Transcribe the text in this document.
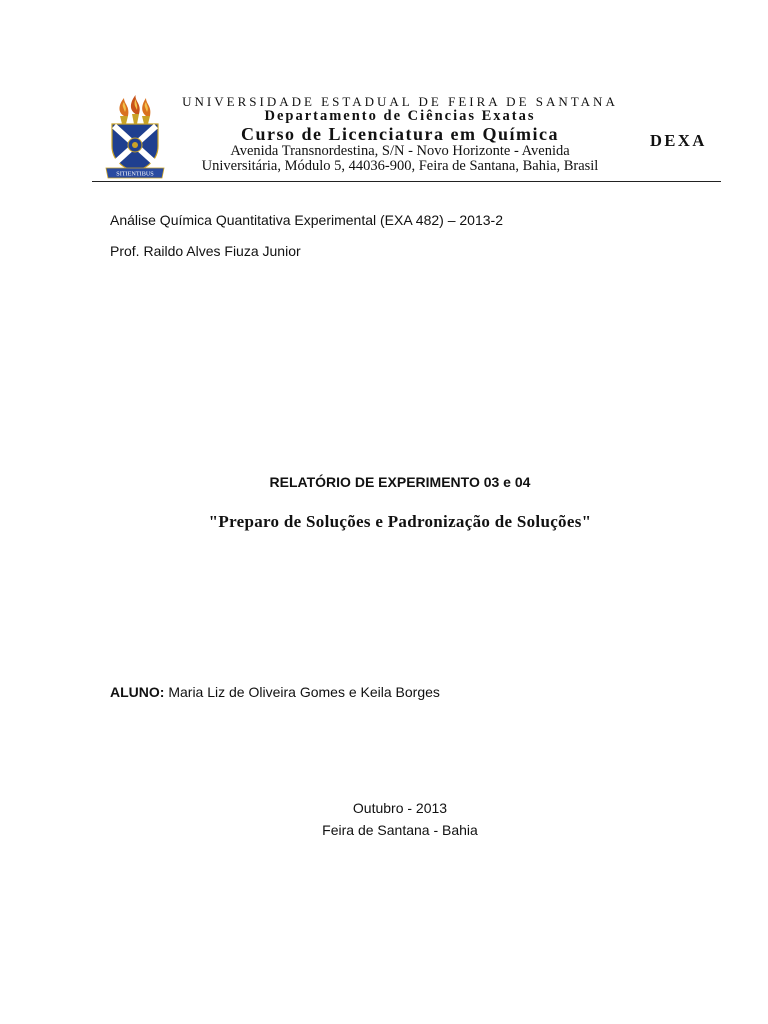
SITIENTIBUS
UNIVERSIDADE ESTADUAL DE FEIRA DE SANTANA
Departamento de Ciências Exatas
Curso de Licenciatura em Química
Avenida Transnordestina, S/N - Novo Horizonte - Avenida
Universitária, Módulo 5, 44036-900, Feira de Santana, Bahia, Brasil
DEXA
Análise Química Quantitativa Experimental (EXA 482) – 2013-2
Prof. Raildo Alves Fiuza Junior
RELATÓRIO DE EXPERIMENTO 03 e 04
"Preparo de Soluções e Padronização de Soluções"
ALUNO: Maria Liz de Oliveira Gomes e Keila Borges
Outubro - 2013
Feira de Santana - Bahia
